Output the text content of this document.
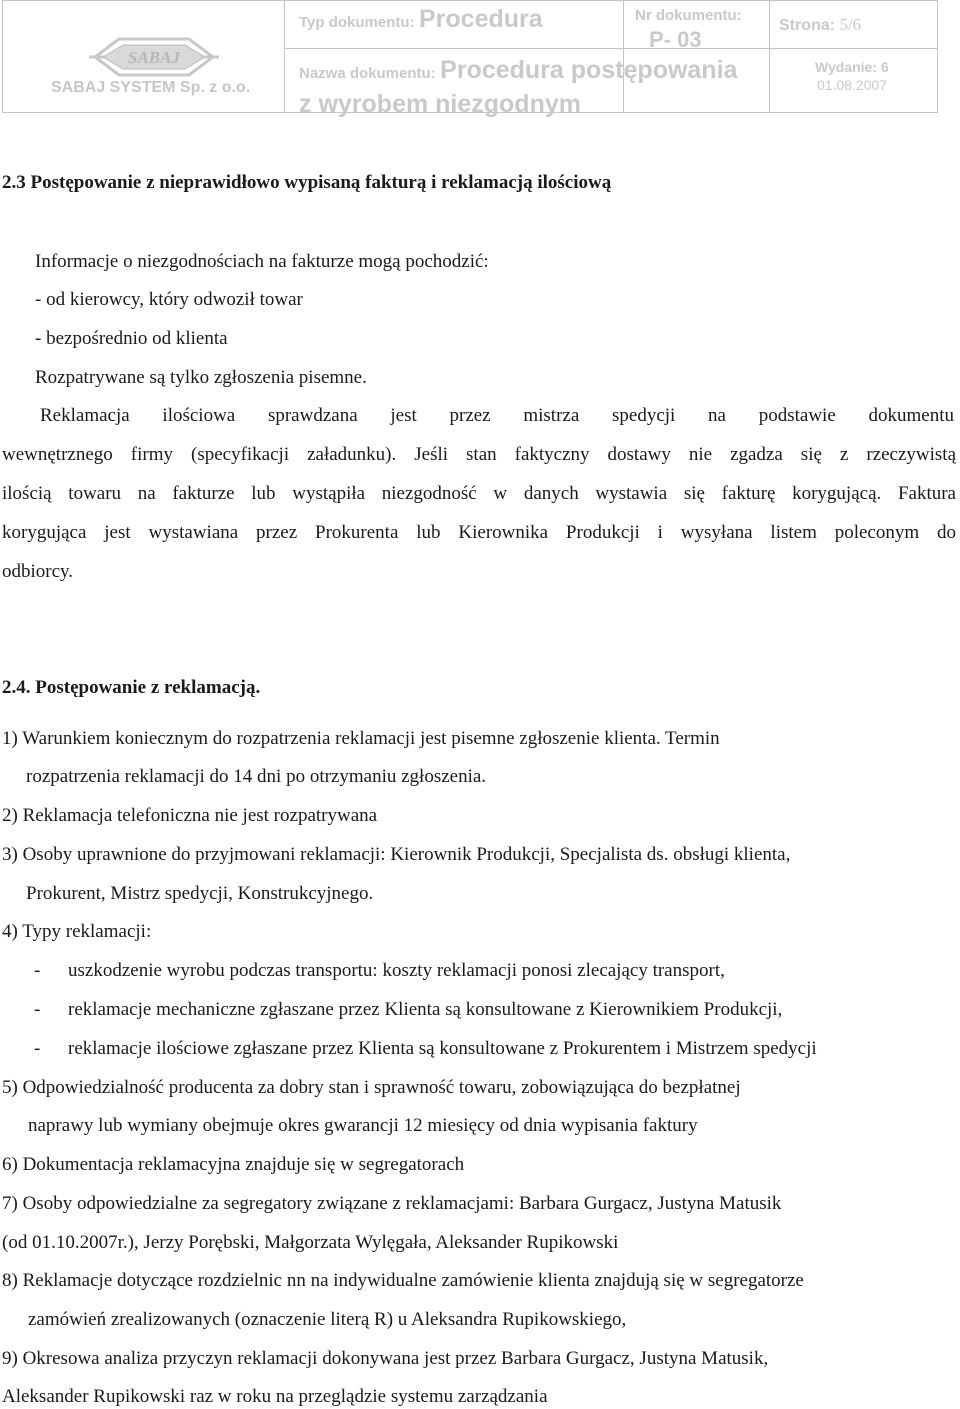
SABAJ
SABAJ SYSTEM Sp. z o.o.
Typ dokumentu: Procedura	Nr dokumentu:
P- 03
Strona: 5/6
Nazwa dokumentu: Procedura postępowania
z wyrobem niezgodnym
Wydanie: 6
01.08.2007
2.3 Postępowanie z nieprawidłowo wypisaną fakturą i reklamacją ilościową
Informacje o niezgodnościach na fakturze mogą pochodzić:
- od kierowcy, który odwoził towar
- bezpośrednio od klienta
Rozpatrywane są tylko zgłoszenia pisemne.
Reklamacja ilościowa sprawdzana jest przez mistrza spedycji na podstawie dokumentu
wewnętrznego firmy (specyfikacji załadunku). Jeśli stan faktyczny dostawy nie zgadza się z rzeczywistą
ilością towaru na fakturze lub wystąpiła niezgodność w danych wystawia się fakturę korygującą. Faktura
korygująca jest wystawiana przez Prokurenta lub Kierownika Produkcji i wysyłana listem poleconym do
odbiorcy.
2.4. Postępowanie z reklamacją.
1) Warunkiem koniecznym do rozpatrzenia reklamacji jest pisemne zgłoszenie klienta. Termin
rozpatrzenia reklamacji do 14 dni po otrzymaniu zgłoszenia.
2) Reklamacja telefoniczna nie jest rozpatrywana
3) Osoby uprawnione do przyjmowani reklamacji: Kierownik Produkcji, Specjalista ds. obsługi klienta,
Prokurent, Mistrz spedycji, Konstrukcyjnego.
4) Typy reklamacji:
- uszkodzenie wyrobu podczas transportu: koszty reklamacji ponosi zlecający transport,
- reklamacje mechaniczne zgłaszane przez Klienta są konsultowane z Kierownikiem Produkcji,
- reklamacje ilościowe zgłaszane przez Klienta są konsultowane z Prokurentem i Mistrzem spedycji
5) Odpowiedzialność producenta za dobry stan i sprawność towaru, zobowiązująca do bezpłatnej
naprawy lub wymiany obejmuje okres gwarancji 12 miesięcy od dnia wypisania faktury
6) Dokumentacja reklamacyjna znajduje się w segregatorach
7) Osoby odpowiedzialne za segregatory związane z reklamacjami: Barbara Gurgacz, Justyna Matusik
(od 01.10.2007r.), Jerzy Porębski, Małgorzata Wylęgała, Aleksander Rupikowski
8) Reklamacje dotyczące rozdzielnic nn na indywidualne zamówienie klienta znajdują się w segregatorze
zamówień zrealizowanych (oznaczenie literą R) u Aleksandra Rupikowskiego,
9) Okresowa analiza przyczyn reklamacji dokonywana jest przez Barbara Gurgacz, Justyna Matusik,
Aleksander Rupikowski raz w roku na przeglądzie systemu zarządzania
